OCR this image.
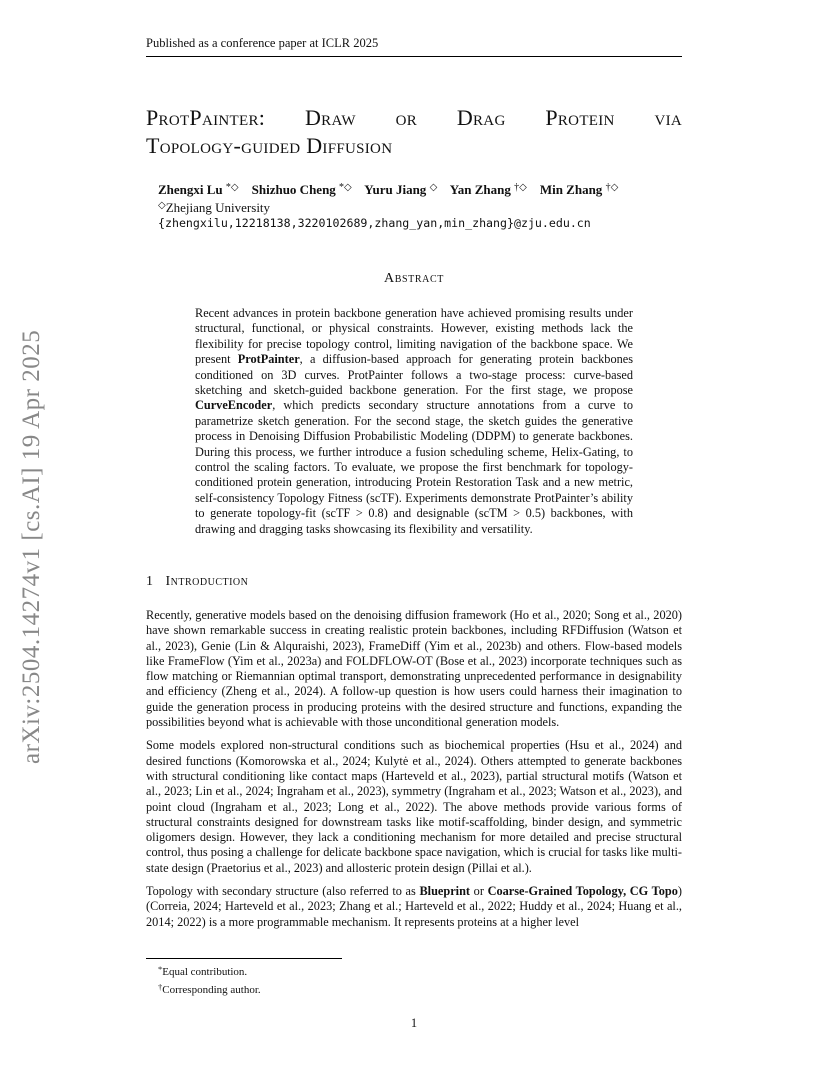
Published as a conference paper at ICLR 2025
arXiv:2504.14274v1 [cs.AI] 19 Apr 2025
ProtPainter: Draw or Drag Protein via
Topology-guided Diffusion
Zhengxi Lu *◇ Shizhuo Cheng *◇ Yuru Jiang ◇ Yan Zhang †◇ Min Zhang †◇
◇Zhejiang University
{zhengxilu,12218138,3220102689,zhang_yan,min_zhang}@zju.edu.cn
Abstract
Recent advances in protein backbone generation have achieved promising results under structural, functional, or physical constraints. However, existing methods lack the flexibility for precise topology control, limiting navigation of the backbone space. We present ProtPainter, a diffusion-based approach for generating protein backbones conditioned on 3D curves. ProtPainter follows a two-stage process: curve-based sketching and sketch-guided backbone generation. For the first stage, we propose CurveEncoder, which predicts secondary structure annotations from a curve to parametrize sketch generation. For the second stage, the sketch guides the generative process in Denoising Diffusion Probabilistic Modeling (DDPM) to generate backbones. During this process, we further introduce a fusion scheduling scheme, Helix-Gating, to control the scaling factors. To evaluate, we propose the first benchmark for topology-conditioned protein generation, introducing Protein Restoration Task and a new metric, self-consistency Topology Fitness (scTF). Experiments demonstrate ProtPainter’s ability to generate topology-fit (scTF > 0.8) and designable (scTM > 0.5) backbones, with drawing and dragging tasks showcasing its flexibility and versatility.
1 Introduction

Recently, generative models based on the denoising diffusion framework (Ho et al., 2020; Song et al., 2020) have shown remarkable success in creating realistic protein backbones, including RFDiffusion (Watson et al., 2023), Genie (Lin & Alquraishi, 2023), FrameDiff (Yim et al., 2023b) and others. Flow-based models like FrameFlow (Yim et al., 2023a) and FOLDFLOW-OT (Bose et al., 2023) incorporate techniques such as flow matching or Riemannian optimal transport, demonstrating unprecedented performance in designability and efficiency (Zheng et al., 2024). A follow-up question is how users could harness their imagination to guide the generation process in producing proteins with the desired structure and functions, expanding the possibilities beyond what is achievable with those unconditional generation models.

Some models explored non-structural conditions such as biochemical properties (Hsu et al., 2024) and desired functions (Komorowska et al., 2024; Kulytė et al., 2024). Others attempted to generate backbones with structural conditioning like contact maps (Harteveld et al., 2023), partial structural motifs (Watson et al., 2023; Lin et al., 2024; Ingraham et al., 2023), symmetry (Ingraham et al., 2023; Watson et al., 2023), and point cloud (Ingraham et al., 2023; Long et al., 2022). The above methods provide various forms of structural constraints designed for downstream tasks like motif-scaffolding, binder design, and symmetric oligomers design. However, they lack a conditioning mechanism for more detailed and precise structural control, thus posing a challenge for delicate backbone space navigation, which is crucial for tasks like multi-state design (Praetorius et al., 2023) and allosteric protein design (Pillai et al.).

Topology with secondary structure (also referred to as Blueprint or Coarse-Grained Topology, CG Topo) (Correia, 2024; Harteveld et al., 2023; Zhang et al.; Harteveld et al., 2022; Huddy et al., 2024; Huang et al., 2014; 2022) is a more programmable mechanism. It represents proteins at a higher level

*Equal contribution.
†Corresponding author.
1
